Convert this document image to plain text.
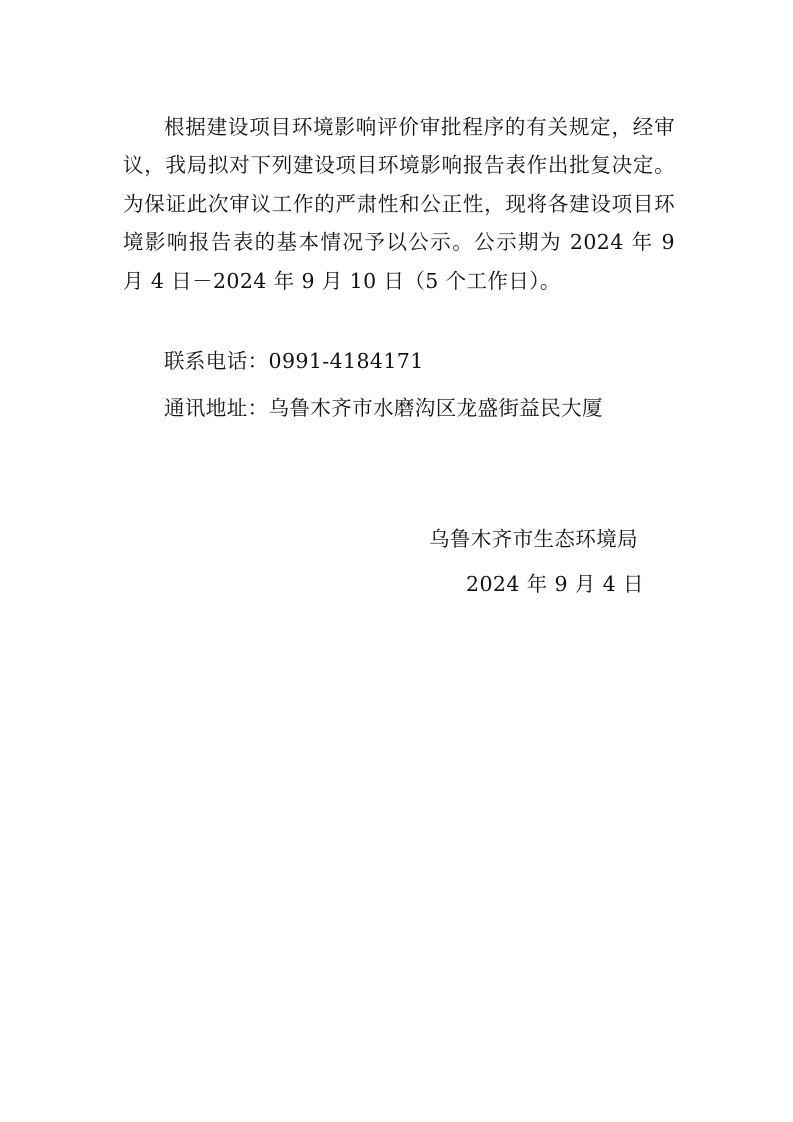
根据建设项目环境影响评价审批程序的有关规定，经审议，我局拟对下列建设项目环境影响报告表作出批复决定。为保证此次审议工作的严肃性和公正性，现将各建设项目环境影响报告表的基本情况予以公示。公示期为 2024 年 9 月 4 日－2024 年 9 月 10 日（5 个工作日）。

联系电话：0991-4184171

通讯地址：乌鲁木齐市水磨沟区龙盛街益民大厦

乌鲁木齐市生态环境局

2024 年 9 月 4 日
